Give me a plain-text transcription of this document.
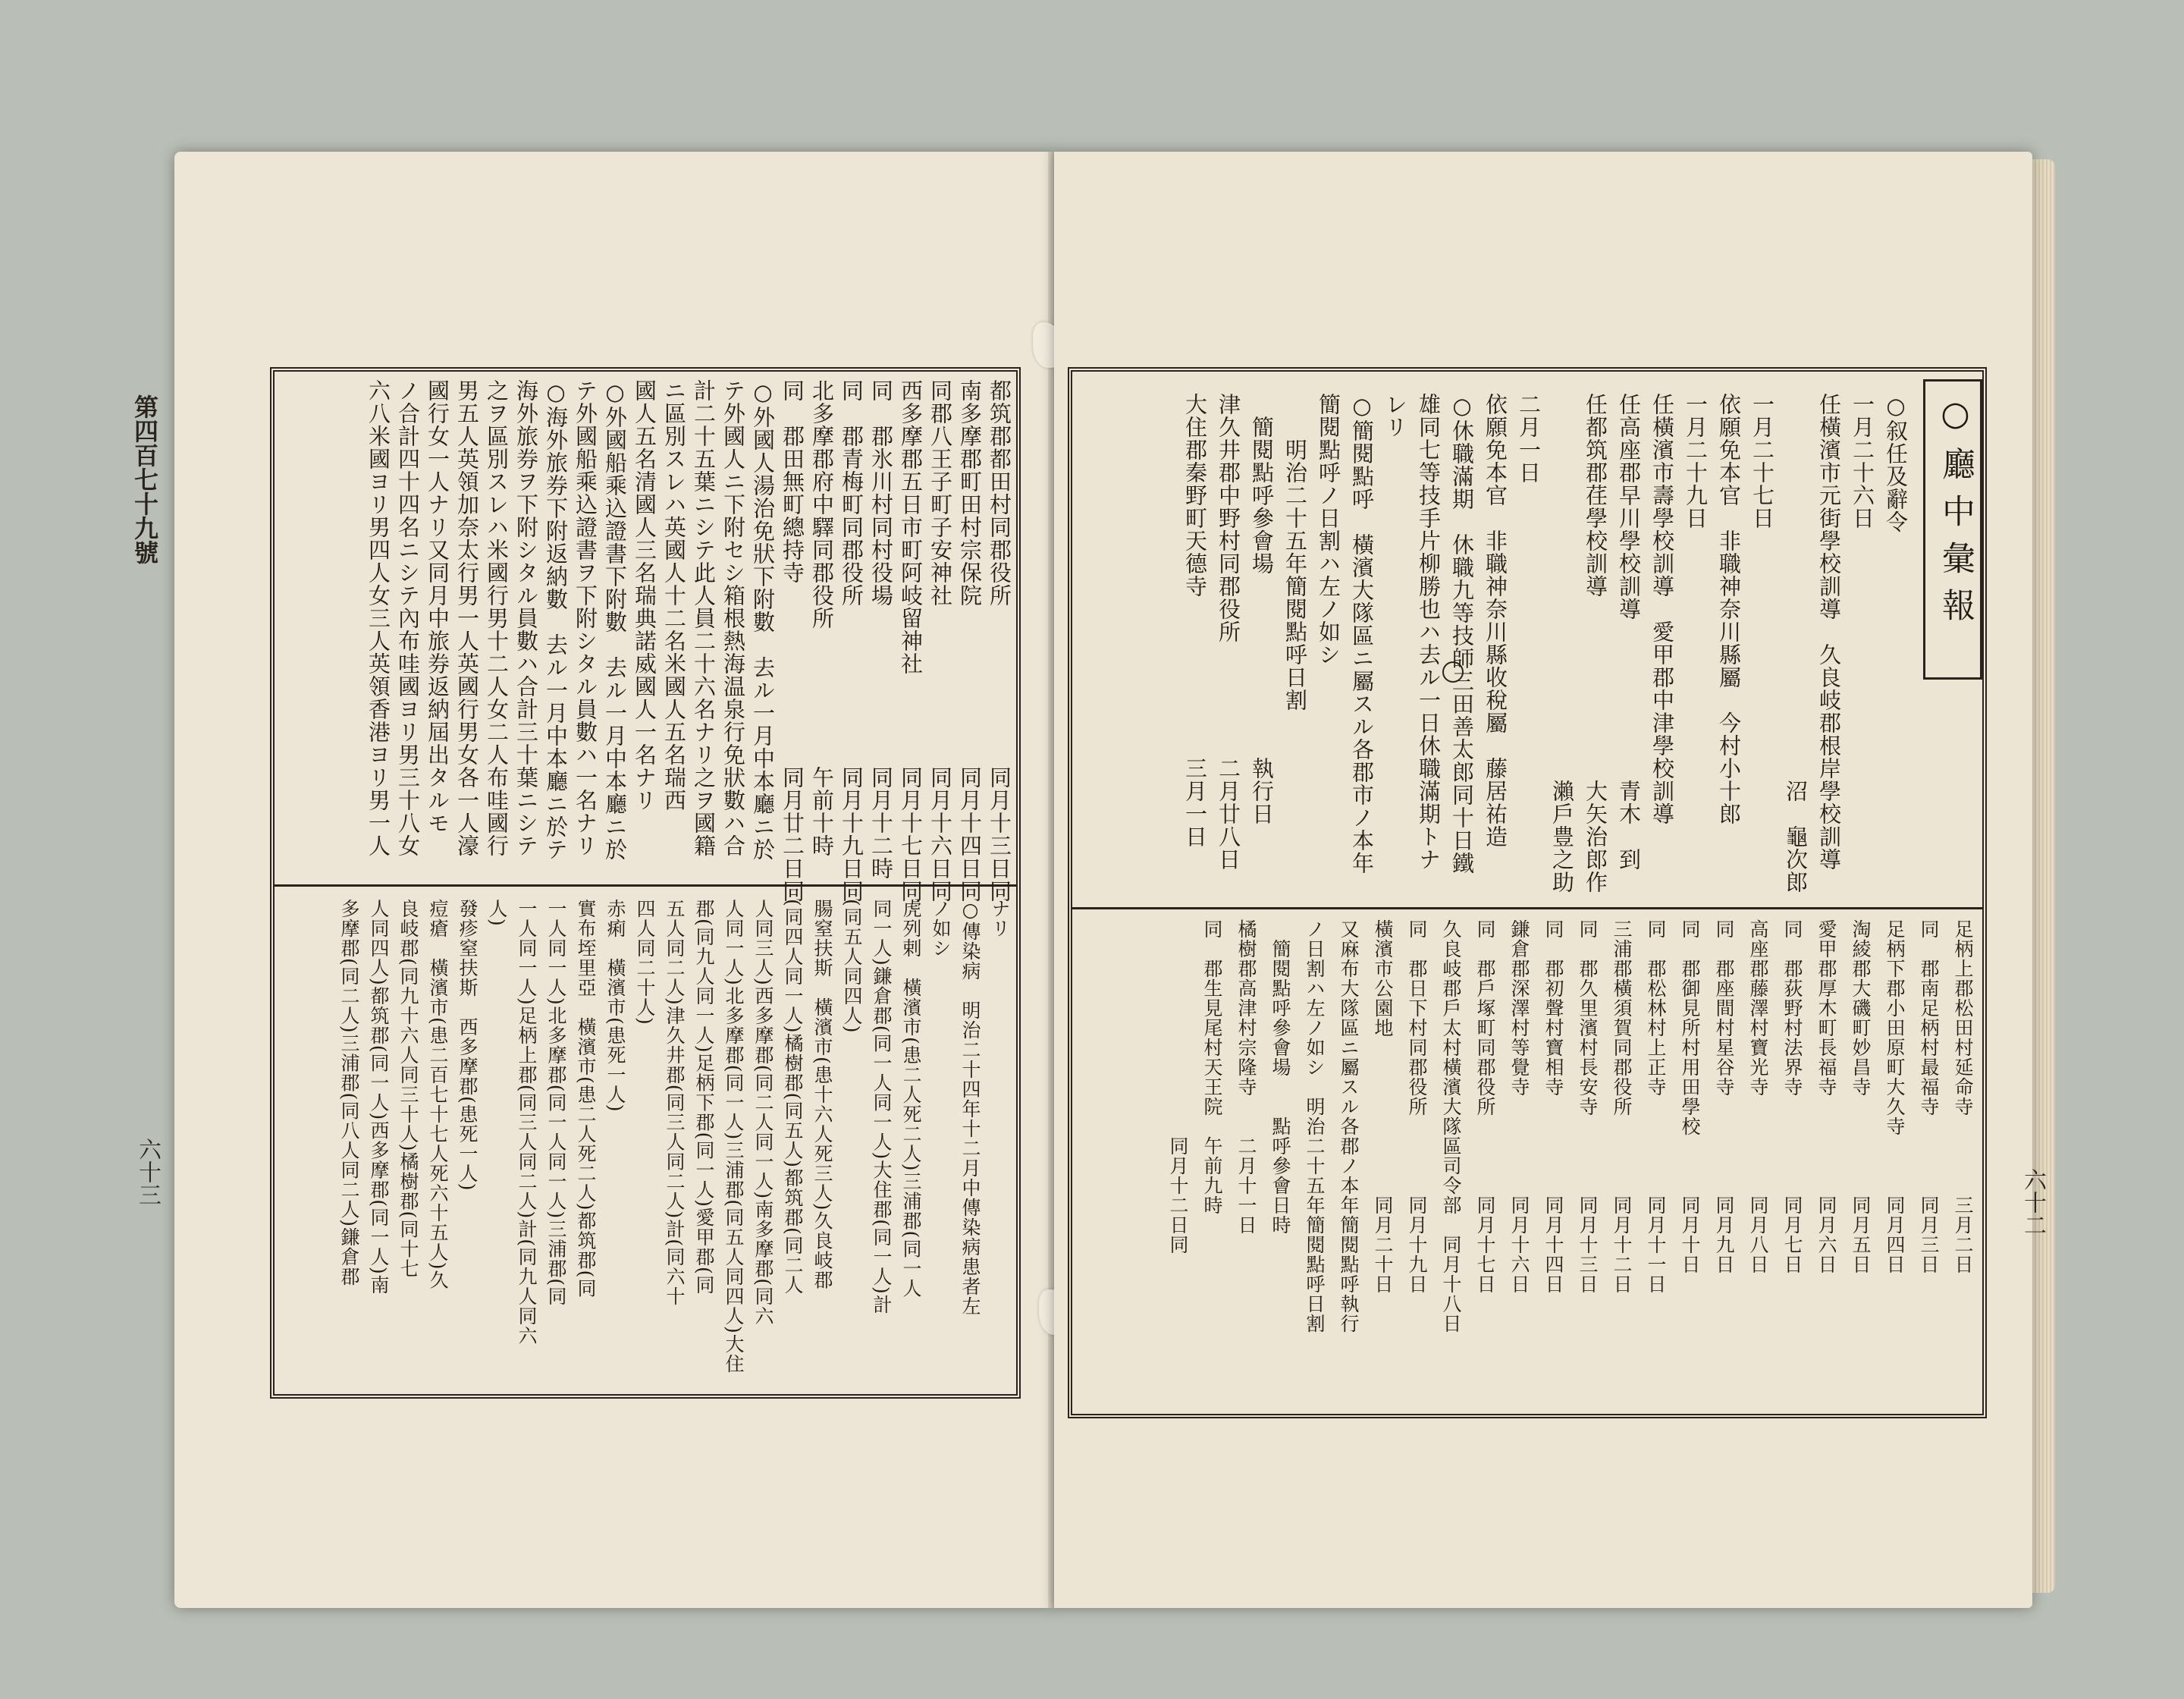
第四百七十九號
六十三
都筑郡都田村同郡役所　　　　　　　同月十三日同
南多摩郡町田村宗保院　　　　　　　同月十四日同
同郡八王子町子安神社　　　　　　　同月十六日同
西多摩郡五日市町阿岐留神社　　　　同月十七日同
同　郡氷川村同村役場　　　　　　　同月十二時
同　郡青梅町同郡役所　　　　　　　同月十九日同
北多摩郡府中驛同郡役所　　　　　　午前十時
同　郡田無町總持寺　　　　　　　　同月廿二日同
○外國人湯治免狀下附數　去ル一月中本廳ニ於
テ外國人ニ下附セシ箱根熱海温泉行免狀數ハ合
計二十五葉ニシテ此人員二十六名ナリ之ヲ國籍
ニ區別スレハ英國人十二名米國人五名瑞西
國人五名清國人三名瑞典諾威國人一名ナリ
○外國船乘込證書下附數　去ル一月中本廳ニ於
テ外國船乘込證書ヲ下附シタル員數ハ一名ナリ
○海外旅券下附返納數　去ル一月中本廳ニ於テ
海外旅券ヲ下附シタル員數ハ合計三十葉ニシテ
之ヲ區別スレハ米國行男十二人女二人布哇國行
男五人英領加奈太行男一人英國行男女各一人濠
國行女一人ナリ又同月中旅券返納屆出タルモ
ノ合計四十四名ニシテ內布哇國ヨリ男三十八女
六八米國ヨリ男四人女三人英領香港ヨリ男一人
ナリ
○傳染病　明治二十四年十二月中傳染病患者左
ノ如シ
虎列剌　橫濱市(患二人死二人)三浦郡(同一人
同一人)鎌倉郡(同一人同一人)大住郡(同一人)計
(同五人同四人)
腸窒扶斯　橫濱市(患十六人死三人)久良岐郡
(同四人同一人)橘樹郡(同五人)都筑郡(同二人
人同三人)西多摩郡(同二人同一人)南多摩郡(同六
人同一人)北多摩郡(同一人)三浦郡(同五人同四人)大住
郡(同九人同一人)足柄下郡(同一人)愛甲郡(同
五人同二人)津久井郡(同三人同二人)計(同六十
四人同二十人)
赤痢　橫濱市(患死一人)
實布垤里亞　橫濱市(患二人死二人)都筑郡(同
一人同一人)北多摩郡(同一人同一人)三浦郡(同
一人同一人)足柄上郡(同三人同二人)計(同九人同六
人)
發疹窒扶斯　西多摩郡(患死一人)
痘瘡　橫濱市(患二百七十七人死六十五人)久
良岐郡(同九十六人同三十人)橘樹郡(同十七
人同四人)都筑郡(同一人)西多摩郡(同一人)南
多摩郡(同二人)三浦郡(同八人同二人)鎌倉郡	六十二
○廳中彙報
○叙任及辭令
一月二十六日
任橫濱市元街學校訓導　久良岐郡根岸學校訓導
　　　　　　　　　　　　　　　　　沼　龜次郎
一月二十七日
依願免本官　非職神奈川縣屬　今村小十郎
一月二十九日
任橫濱市壽學校訓導　愛甲郡中津學校訓導
任高座郡早川學校訓導　　　　　　　青木　到
任都筑郡荏學校訓導　　　　　　　　大矢治郎作
　　　　　　　　　　　　　　　　　瀨戶豊之助
二月一日
依願免本官　非職神奈川縣收稅屬　藤居祐造
○休職滿期　休職九等技師三田善太郎同十日鐵
雄同七等技手片柳勝也ハ去ル一日休職滿期トナ
レリ
○簡閱點呼　橫濱大隊區ニ屬スル各郡市ノ本年
簡閱點呼ノ日割ハ左ノ如シ
　　明治二十五年簡閱點呼日割
　簡閱點呼參會場　　　　　　　　執行日
津久井郡中野村同郡役所　　　　　二月廿八日
大住郡秦野町天德寺　　　　　　　三月一日
足柄上郡松田村延命寺　　　　三月二日
同　郡南足柄村最福寺　　　　同月三日
足柄下郡小田原町大久寺　　　同月四日
淘綾郡大磯町妙昌寺　　　　　同月五日
愛甲郡厚木町長福寺　　　　　同月六日
同　郡荻野村法界寺　　　　　同月七日
高座郡藤澤村寶光寺　　　　　同月八日
同　郡座間村星谷寺　　　　　同月九日
同　郡御見所村用田學校　　　同月十日
同　郡松林村上正寺　　　　　同月十一日
三浦郡橫須賀同郡役所　　　　同月十二日
同　郡久里濱村長安寺　　　　同月十三日
同　郡初聲村寶相寺　　　　　同月十四日
鎌倉郡深澤村等覺寺　　　　　同月十六日
同　郡戶塚町同郡役所　　　　同月十七日
久良岐郡戶太村橫濱大隊區司令部　同月十八日
同　郡日下村同郡役所　　　　同月十九日
橫濱市公園地　　　　　　　　同月二十日
又麻布大隊區ニ屬スル各郡ノ本年簡閱點呼執行
ノ日割ハ左ノ如シ　明治二十五年簡閱點呼日割
　簡閱點呼參會場　　點呼參會日時
橘樹郡高津村宗隆寺　　二月十一日
同　郡生見尾村天王院　午前九時
　　　　　　　　　　　同月十二日同
